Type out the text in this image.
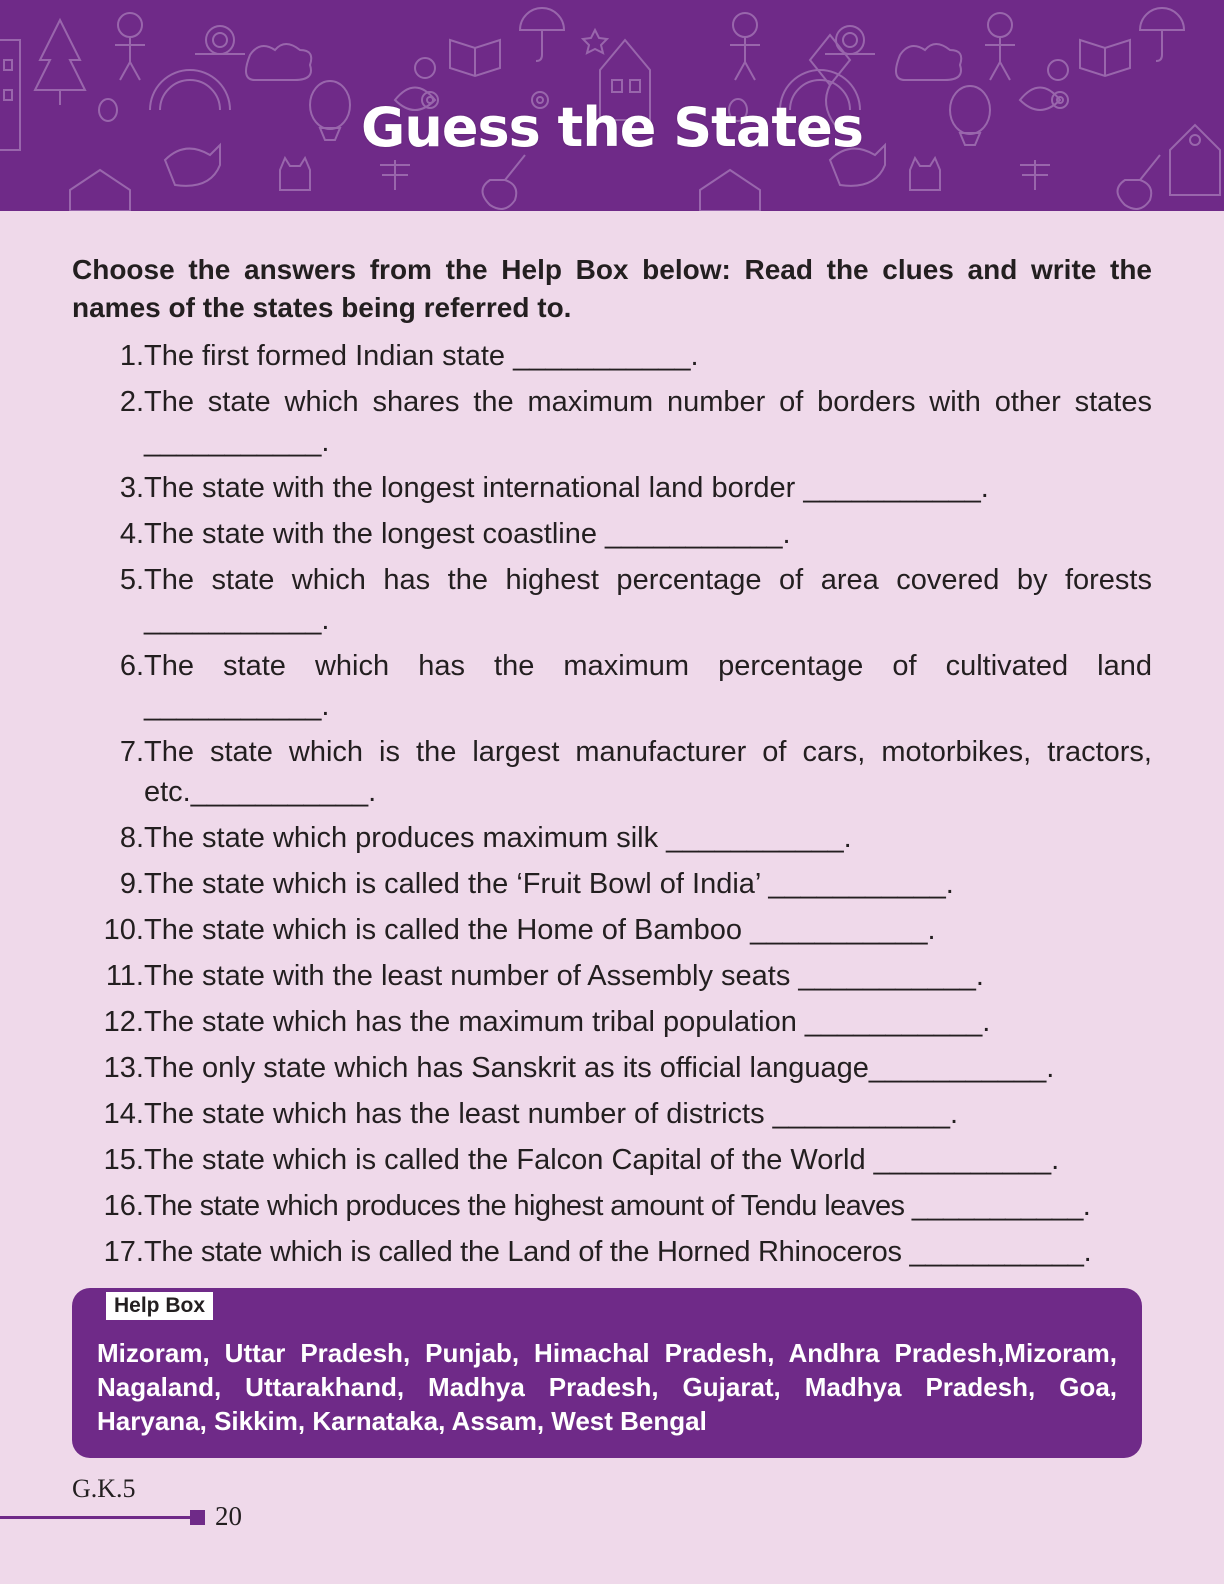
Guess the States
Choose the answers from the Help Box below: Read the clues and write the names of the states being referred to.
1. The first formed Indian state ___________.
2. The state which shares the maximum number of borders with other states ___________.
3. The state with the longest international land border ___________.
4. The state with the longest coastline ___________.
5. The state which has the highest percentage of area covered by forests ___________.
6. The state which has the maximum percentage of cultivated land ___________.
7. The state which is the largest manufacturer of cars, motorbikes, tractors, etc.___________.
8. The state which produces maximum silk ___________.
9. The state which is called the ‘Fruit Bowl of India’ ___________.
10. The state which is called the Home of Bamboo ___________.
11. The state with the least number of Assembly seats ___________.
12. The state which has the maximum tribal population ___________.
13. The only state which has Sanskrit as its official language___________.
14. The state which has the least number of districts ___________.
15. The state which is called the Falcon Capital of the World ___________.
16. The state which produces the highest amount of Tendu leaves ___________.
17. The state which is called the Land of the Horned Rhinoceros ___________.
Help Box
Mizoram, Uttar Pradesh, Punjab, Himachal Pradesh, Andhra Pradesh,Mizoram, Nagaland, Uttarakhand, Madhya Pradesh, Gujarat, Madhya Pradesh, Goa, Haryana, Sikkim, Karnataka, Assam, West Bengal
G.K.5
20
